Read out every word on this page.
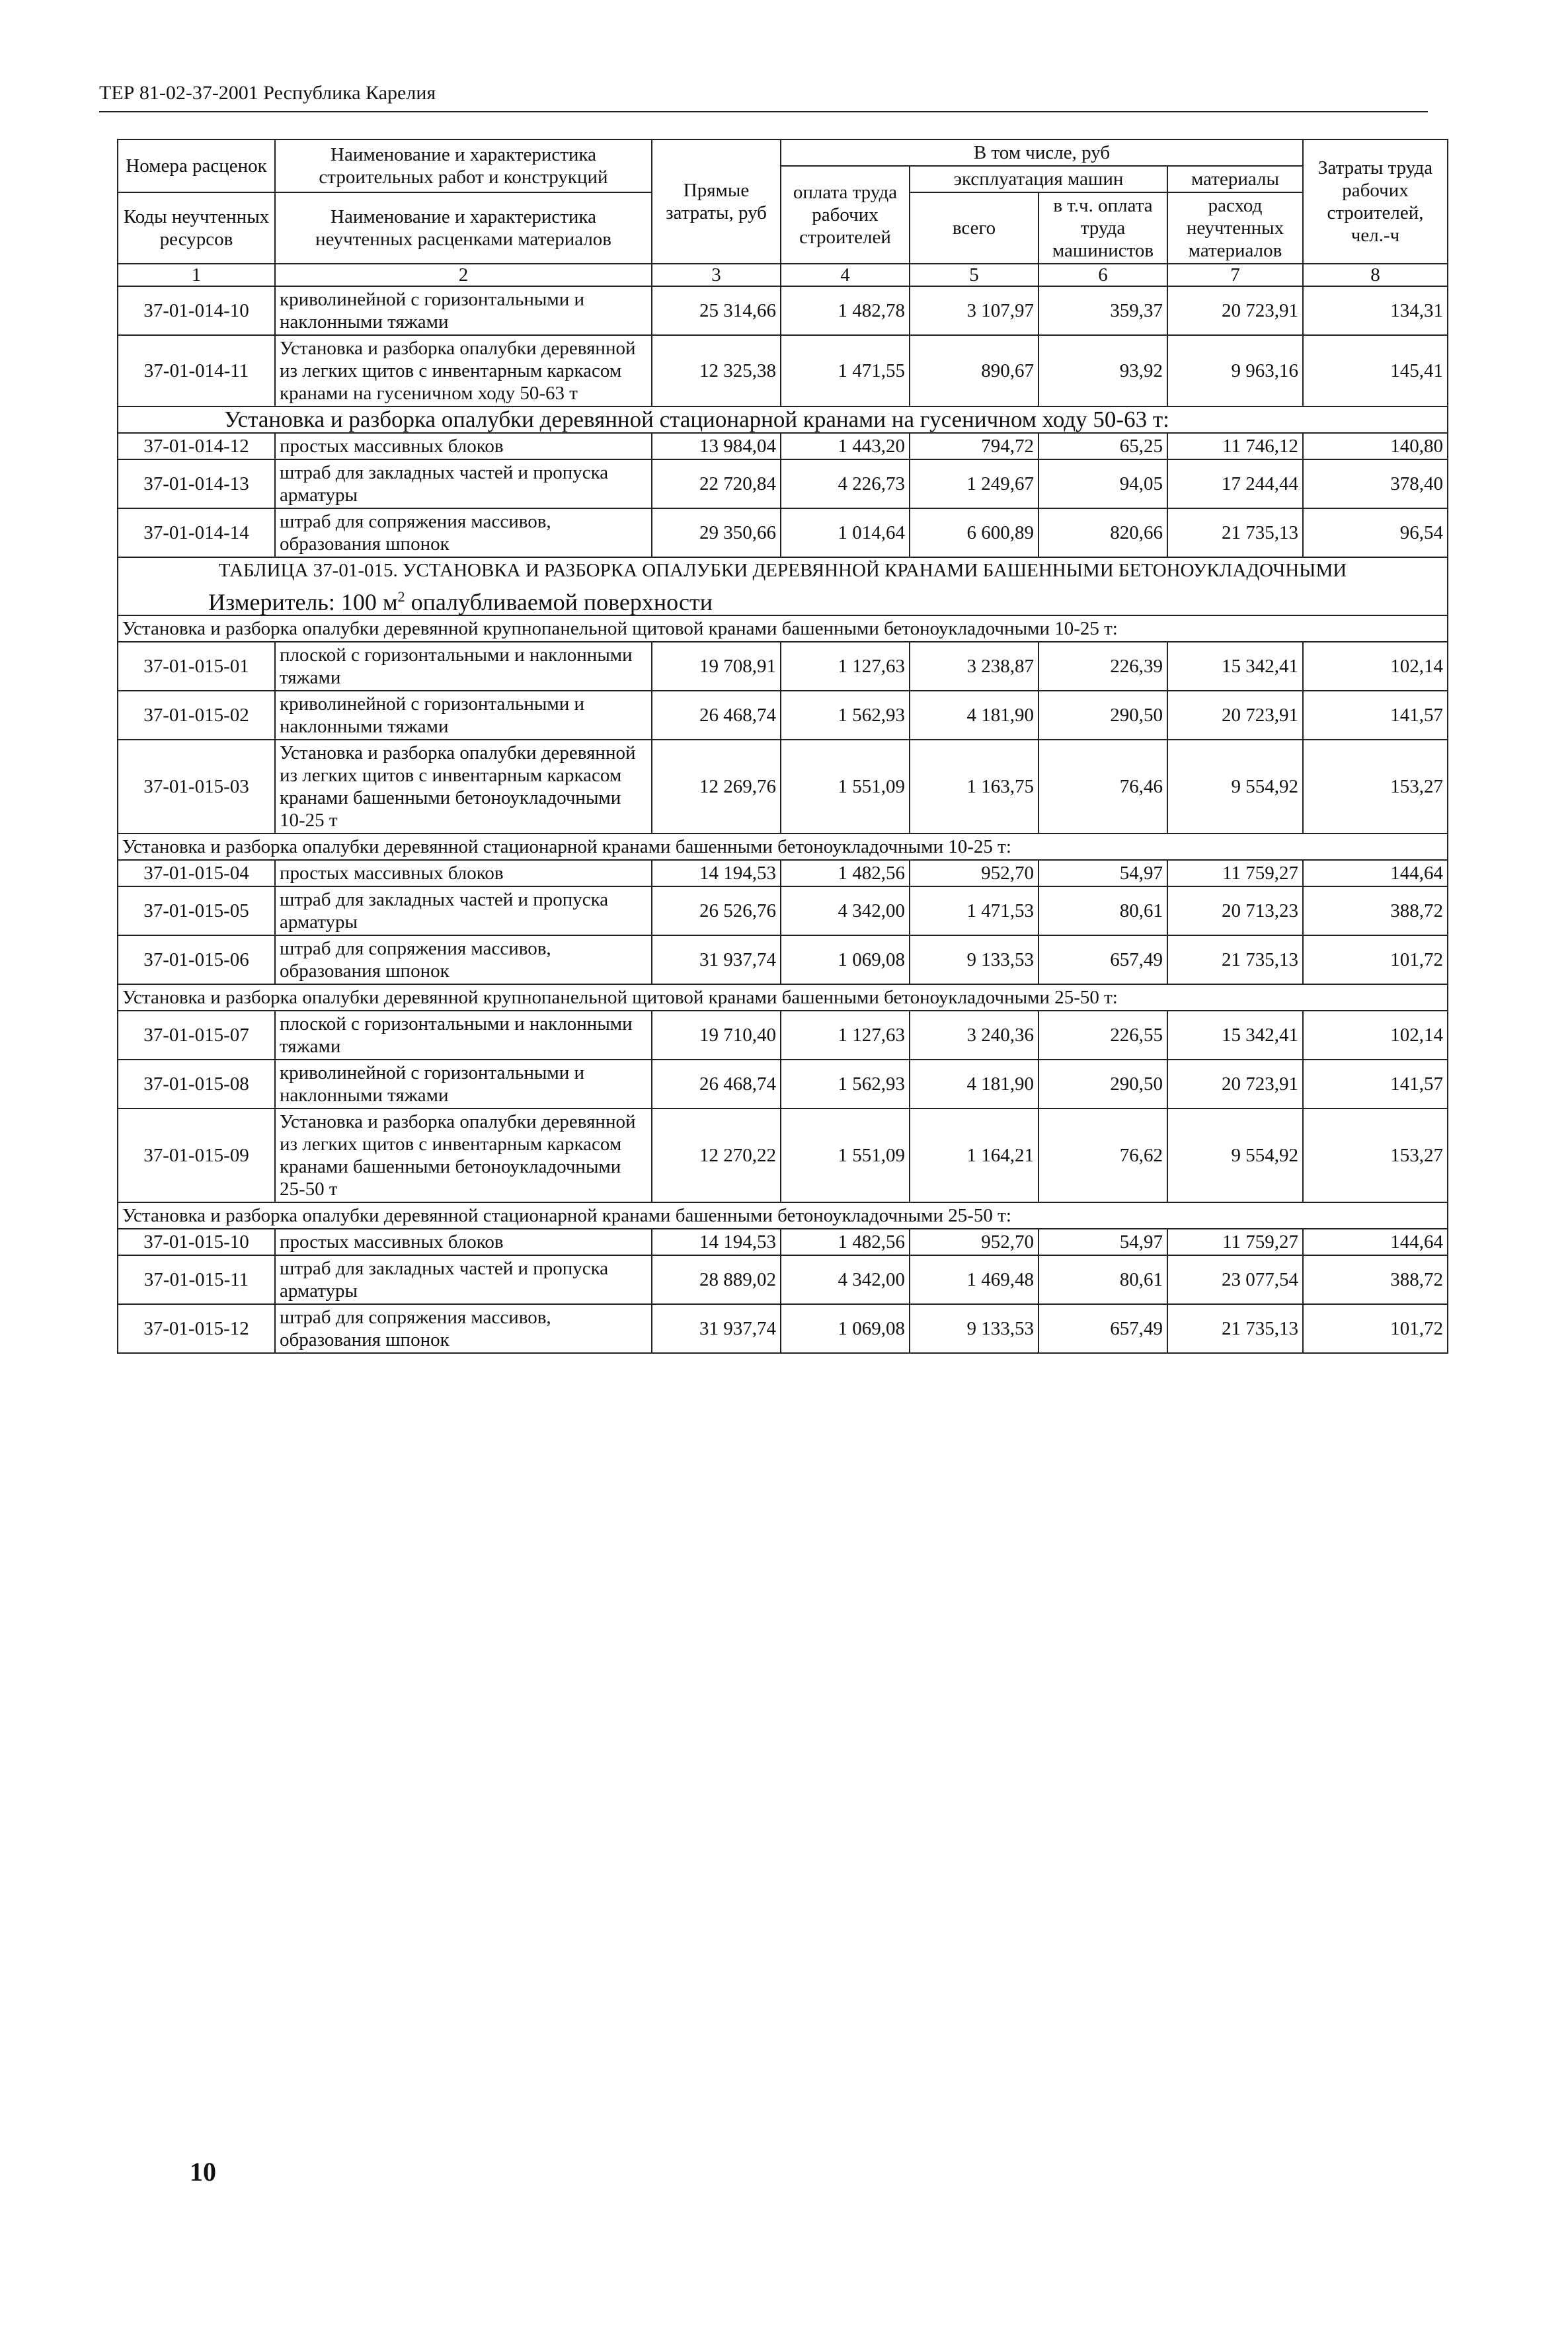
ТЕР 81-02-37-2001 Республика Карелия
Номера расценок	Наименование и характеристика строительных работ и конструкций	Прямые затраты, руб	В том числе, руб				Затраты труда рабочих строителей, чел.-ч
			оплата труда рабочих строителей	эксплуатация машин		материалы	
				всего	в т.ч. оплата труда машинистов	расход неучтенных материалов	
Коды неучтенных ресурсов	Наименование и характеристика неучтенных расценками материалов						

1	2	3	4	5	6	7	8
37-01-014-10	криволинейной с горизонтальными и наклонными тяжами	25 314,66	1 482,78	3 107,97	359,37	20 723,91	134,31
37-01-014-11	Установка и разборка опалубки деревянной из легких щитов с инвентарным каркасом кранами на гусеничном ходу 50-63 т	12 325,38	1 471,55	890,67	93,92	9 963,16	145,41
Установка и разборка опалубки деревянной стационарной кранами на гусеничном ходу 50-63 т:							
37-01-014-12	простых массивных блоков	13 984,04	1 443,20	794,72	65,25	11 746,12	140,80
37-01-014-13	штраб для закладных частей и пропуска арматуры	22 720,84	4 226,73	1 249,67	94,05	17 244,44	378,40
37-01-014-14	штраб для сопряжения массивов, образования шпонок	29 350,66	1 014,64	6 600,89	820,66	21 735,13	96,54

ТАБЛИЦА 37-01-015. УСТАНОВКА И РАЗБОРКА ОПАЛУБКИ ДЕРЕВЯННОЙ КРАНАМИ БАШЕННЫМИ БЕТОНОУКЛАДОЧНЫМИ
Измеритель: 100 $м^2$ опалубливаемой поверхности							

Установка и разборка опалубки деревянной крупнопанельной щитовой кранами башенными бетоноукладочными 10-25 т:							
37-01-015-01	плоской с горизонтальными и наклонными тяжами	19 708,91	1 127,63	3 238,87	226,39	15 342,41	102,14
37-01-015-02	криволинейной с горизонтальными и наклонными тяжами	26 468,74	1 562,93	4 181,90	290,50	20 723,91	141,57
37-01-015-03	Установка и разборка опалубки деревянной из легких щитов с инвентарным каркасом кранами башенными бетоноукладочными 10-25 т	12 269,76	1 551,09	1 163,75	76,46	9 554,92	153,27
Установка и разборка опалубки деревянной стационарной кранами башенными бетоноукладочными 10-25 т:							
37-01-015-04	простых массивных блоков	14 194,53	1 482,56	952,70	54,97	11 759,27	144,64
37-01-015-05	штраб для закладных частей и пропуска арматуры	26 526,76	4 342,00	1 471,53	80,61	20 713,23	388,72
37-01-015-06	штраб для сопряжения массивов, образования шпонок	31 937,74	1 069,08	9 133,53	657,49	21 735,13	101,72
Установка и разборка опалубки деревянной крупнопанельной щитовой кранами башенными бетоноукладочными 25-50 т:							
37-01-015-07	плоской с горизонтальными и наклонными тяжами	19 710,40	1 127,63	3 240,36	226,55	15 342,41	102,14
37-01-015-08	криволинейной с горизонтальными и наклонными тяжами	26 468,74	1 562,93	4 181,90	290,50	20 723,91	141,57
37-01-015-09	Установка и разборка опалубки деревянной из легких щитов с инвентарным каркасом кранами башенными бетоноукладочными 25-50 т	12 270,22	1 551,09	1 164,21	76,62	9 554,92	153,27
Установка и разборка опалубки деревянной стационарной кранами башенными бетоноукладочными 25-50 т:							
37-01-015-10	простых массивных блоков	14 194,53	1 482,56	952,70	54,97	11 759,27	144,64
37-01-015-11	штраб для закладных частей и пропуска арматуры	28 889,02	4 342,00	1 469,48	80,61	23 077,54	388,72
37-01-015-12	штраб для сопряжения массивов, образования шпонок	31 937,74	1 069,08	9 133,53	657,49	21 735,13	101,72
10
